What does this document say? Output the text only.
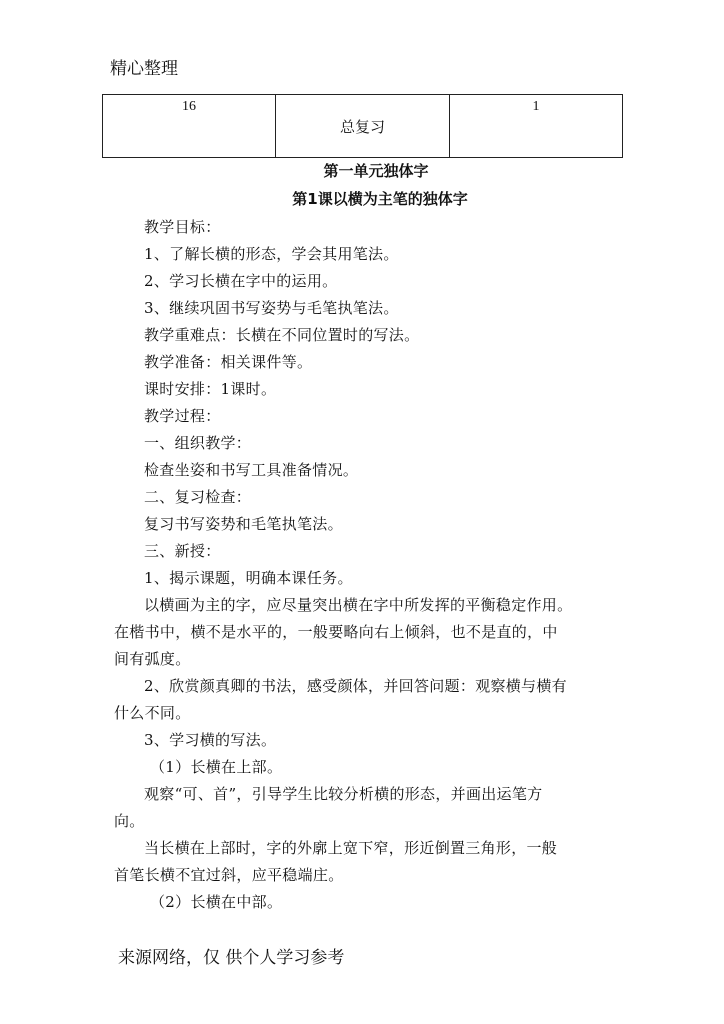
精心整理
16	总复习	1
第一单元独体字
第1课以横为主笔的独体字
教学目标：
1、了解长横的形态，学会其用笔法。
2、学习长横在字中的运用。
3、继续巩固书写姿势与毛笔执笔法。
教学重难点：长横在不同位置时的写法。
教学准备：相关课件等。
课时安排：1课时。
教学过程：
一、组织教学：
检查坐姿和书写工具准备情况。
二、复习检查：
复习书写姿势和毛笔执笔法。
三、新授：
1、揭示课题，明确本课任务。
以横画为主的字，应尽量突出横在字中所发挥的平衡稳定作用。
在楷书中，横不是水平的，一般要略向右上倾斜，也不是直的，中
间有弧度。
2、欣赏颜真卿的书法，感受颜体，并回答问题：观察横与横有
什么不同。
3、学习横的写法。
（1）长横在上部。
观察“可、首”，引导学生比较分析横的形态，并画出运笔方
向。
当长横在上部时，字的外廓上宽下窄，形近倒置三角形，一般
首笔长横不宜过斜，应平稳端庄。
（2）长横在中部。
来源网络，仅 供个人学习参考
